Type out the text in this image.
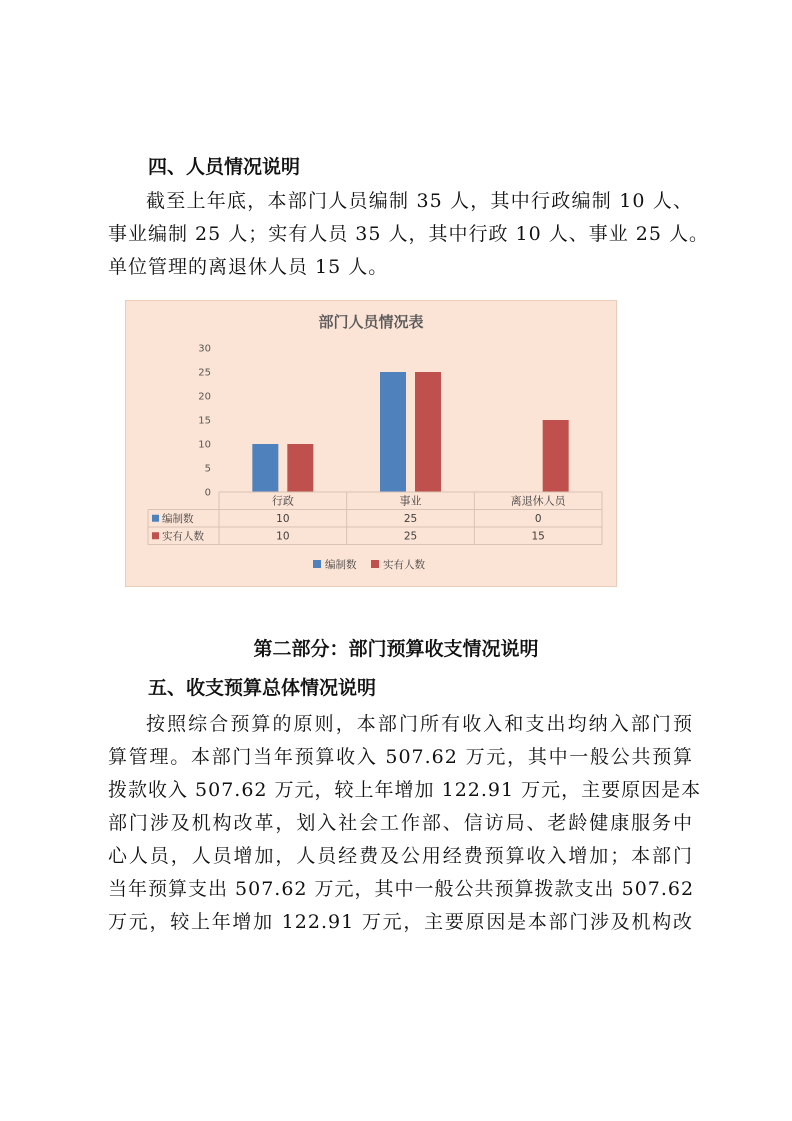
四、人员情况说明
截至上年底，本部门人员编制 35 人，其中行政编制 10 人、
事业编制 25 人；实有人员 35 人，其中行政 10 人、事业 25 人。
单位管理的离退休人员 15 人。
部门人员情况表
0
5
10
15
20
25
30
行政	事业	离退休人员
编制数	10	25	0
实有人数	10	25	15
编制数	实有人数
第二部分：部门预算收支情况说明
五、收支预算总体情况说明
按照综合预算的原则，本部门所有收入和支出均纳入部门预
算管理。本部门当年预算收入 507.62 万元，其中一般公共预算
拨款收入 507.62 万元，较上年增加 122.91 万元，主要原因是本
部门涉及机构改革，划入社会工作部、信访局、老龄健康服务中
心人员，人员增加，人员经费及公用经费预算收入增加；本部门
当年预算支出 507.62 万元，其中一般公共预算拨款支出 507.62
万元，较上年增加 122.91 万元，主要原因是本部门涉及机构改
